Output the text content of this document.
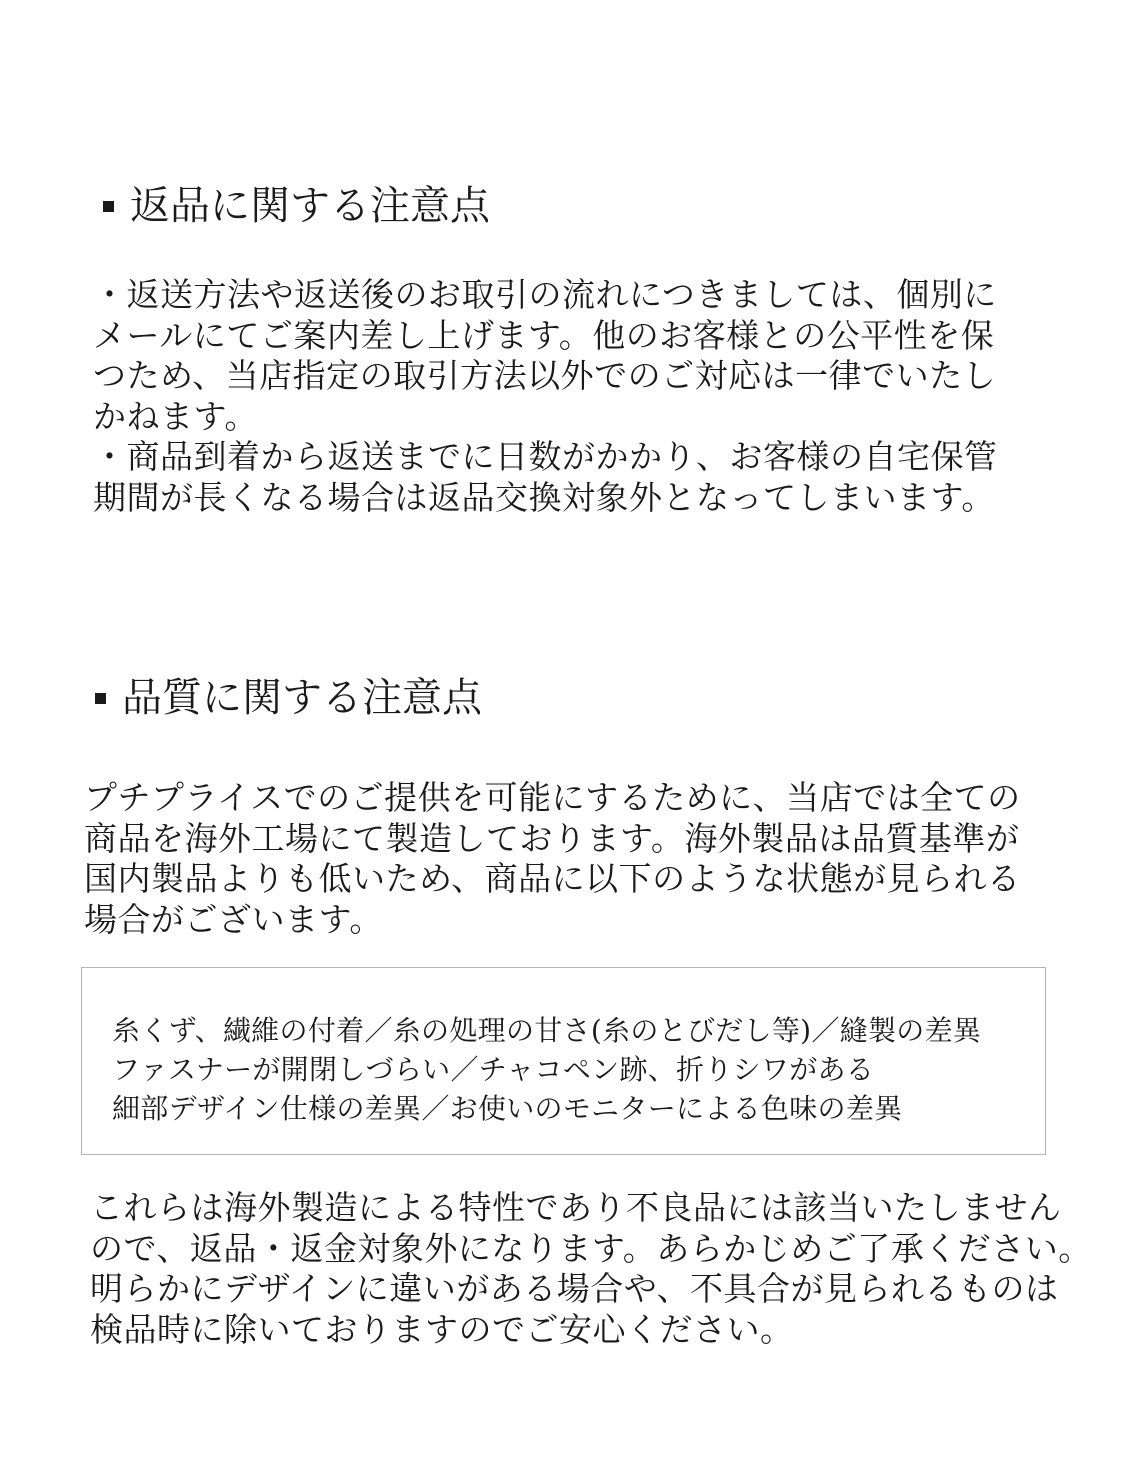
返品に関する注意点
・返送方法や返送後のお取引の流れにつきましては、個別に
メールにてご案内差し上げます。他のお客様との公平性を保
つため、当店指定の取引方法以外でのご対応は一律でいたし
かねます。
・商品到着から返送までに日数がかかり、お客様の自宅保管
期間が長くなる場合は返品交換対象外となってしまいます。
品質に関する注意点
プチプライスでのご提供を可能にするために、当店では全ての
商品を海外工場にて製造しております。海外製品は品質基準が
国内製品よりも低いため、商品に以下のような状態が見られる
場合がございます。
糸くず、繊維の付着／糸の処理の甘さ(糸のとびだし等)／縫製の差異
ファスナーが開閉しづらい／チャコペン跡、折りシワがある
細部デザイン仕様の差異／お使いのモニターによる色味の差異
これらは海外製造による特性であり不良品には該当いたしません
ので、返品・返金対象外になります。あらかじめご了承ください。
明らかにデザインに違いがある場合や、不具合が見られるものは
検品時に除いておりますのでご安心ください。
